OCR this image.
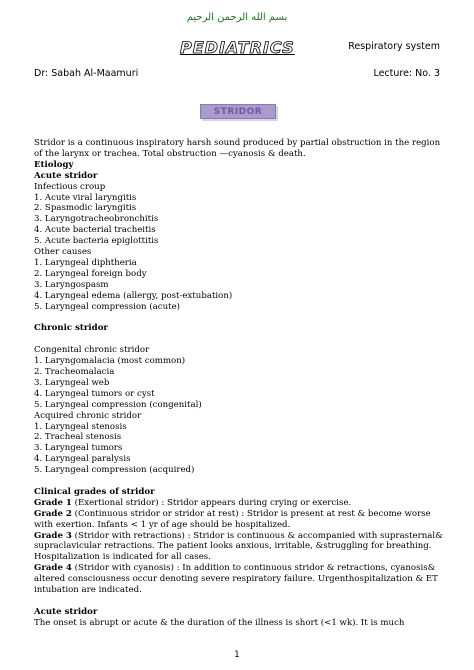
بسم الله الرحمن الرحيم
PEDIATRICS	Respiratory system
Dr: Sabah Al-Maamuri	Lecture: No. 3
STRIDOR

Stridor is a continuous inspiratory harsh sound produced by partial obstruction in the region of the larynx or trachea. Total obstruction —cyanosis & death.

Etiology

Acute stridor

Infectious croup

1. Acute viral laryngitis

2. Spasmodic laryngitis

3. Laryngotracheobronchitis

4. Acute bacterial tracheitis

5. Acute bacteria epiglottitis

Other causes

1. Laryngeal diphtheria

2. Laryngeal foreign body

3. Laryngospasm

4. Laryngeal edema (allergy, post-extubation)

5. Laryngeal compression (acute)

Chronic stridor

Congenital chronic stridor

1. Laryngomalacia (most common)

2. Tracheomalacia

3. Laryngeal web

4. Laryngeal tumors or cyst

5. Laryngeal compression (congenital)

Acquired chronic stridor

1. Laryngeal stenosis

2. Tracheal stenosis

3. Laryngeal tumors

4. Laryngeal paralysis

5. Laryngeal compression (acquired)

Clinical grades of stridor

Grade 1 (Exertional stridor) : Stridor appears during crying or exercise.

Grade 2 (Continuous stridor or stridor at rest) : Stridor is present at rest & become worse with exertion. Infants < 1 yr of age should be hospitalized.

Grade 3 (Stridor with retractions) : Stridor is continuous & accompanied with suprasternal& supraclavicular retractions. The patient looks anxious, irritable, &struggling for breathing. Hospitalization is indicated for all cases.

Grade 4 (Stridor with cyanosis) : In addition to continuous stridor & retractions, cyanosis& altered consciousness occur denoting severe respiratory failure. Urgenthospitalization & ET intubation are indicated.

Acute stridor

The onset is abrupt or acute & the duration of the illness is short (<1 wk). It is much

1
